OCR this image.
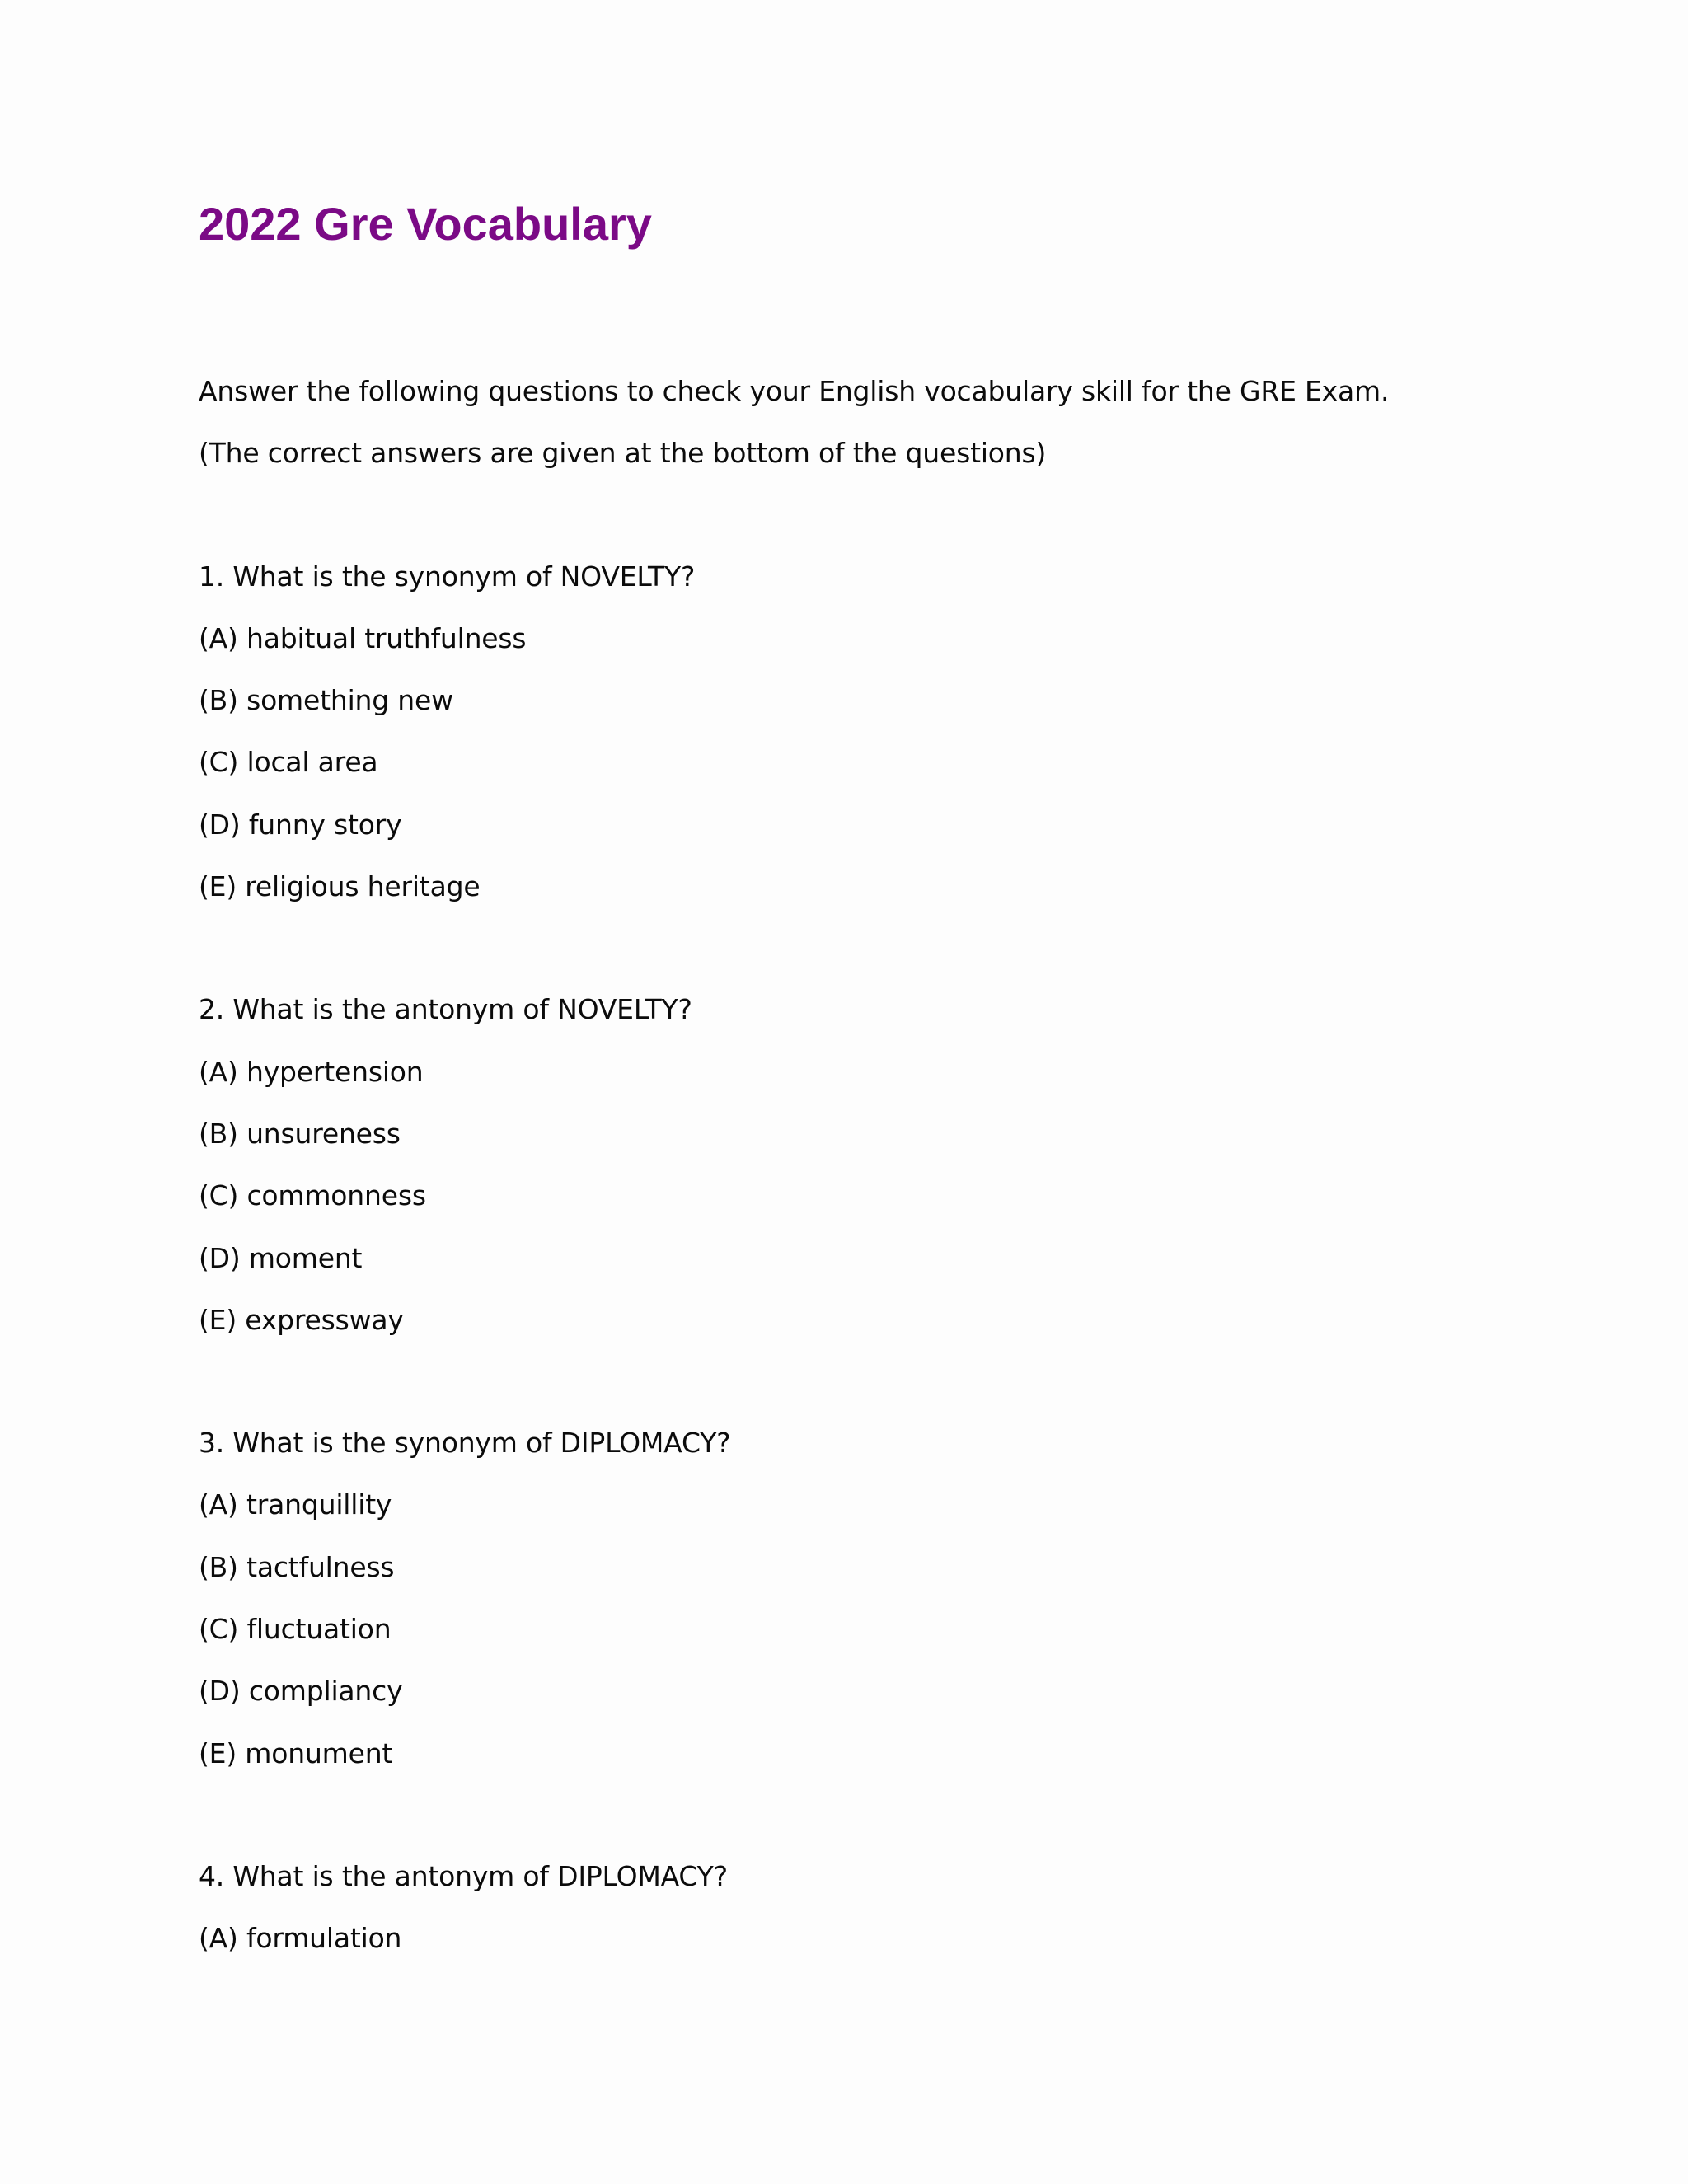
2022 Gre Vocabulary
Answer the following questions to check your English vocabulary skill for the GRE Exam.
(The correct answers are given at the bottom of the questions)
1. What is the synonym of NOVELTY?
(A) habitual truthfulness
(B) something new
(C) local area
(D) funny story
(E) religious heritage
2. What is the antonym of NOVELTY?
(A) hypertension
(B) unsureness
(C) commonness
(D) moment
(E) expressway
3. What is the synonym of DIPLOMACY?
(A) tranquillity
(B) tactfulness
(C) fluctuation
(D) compliancy
(E) monument
4. What is the antonym of DIPLOMACY?
(A) formulation
